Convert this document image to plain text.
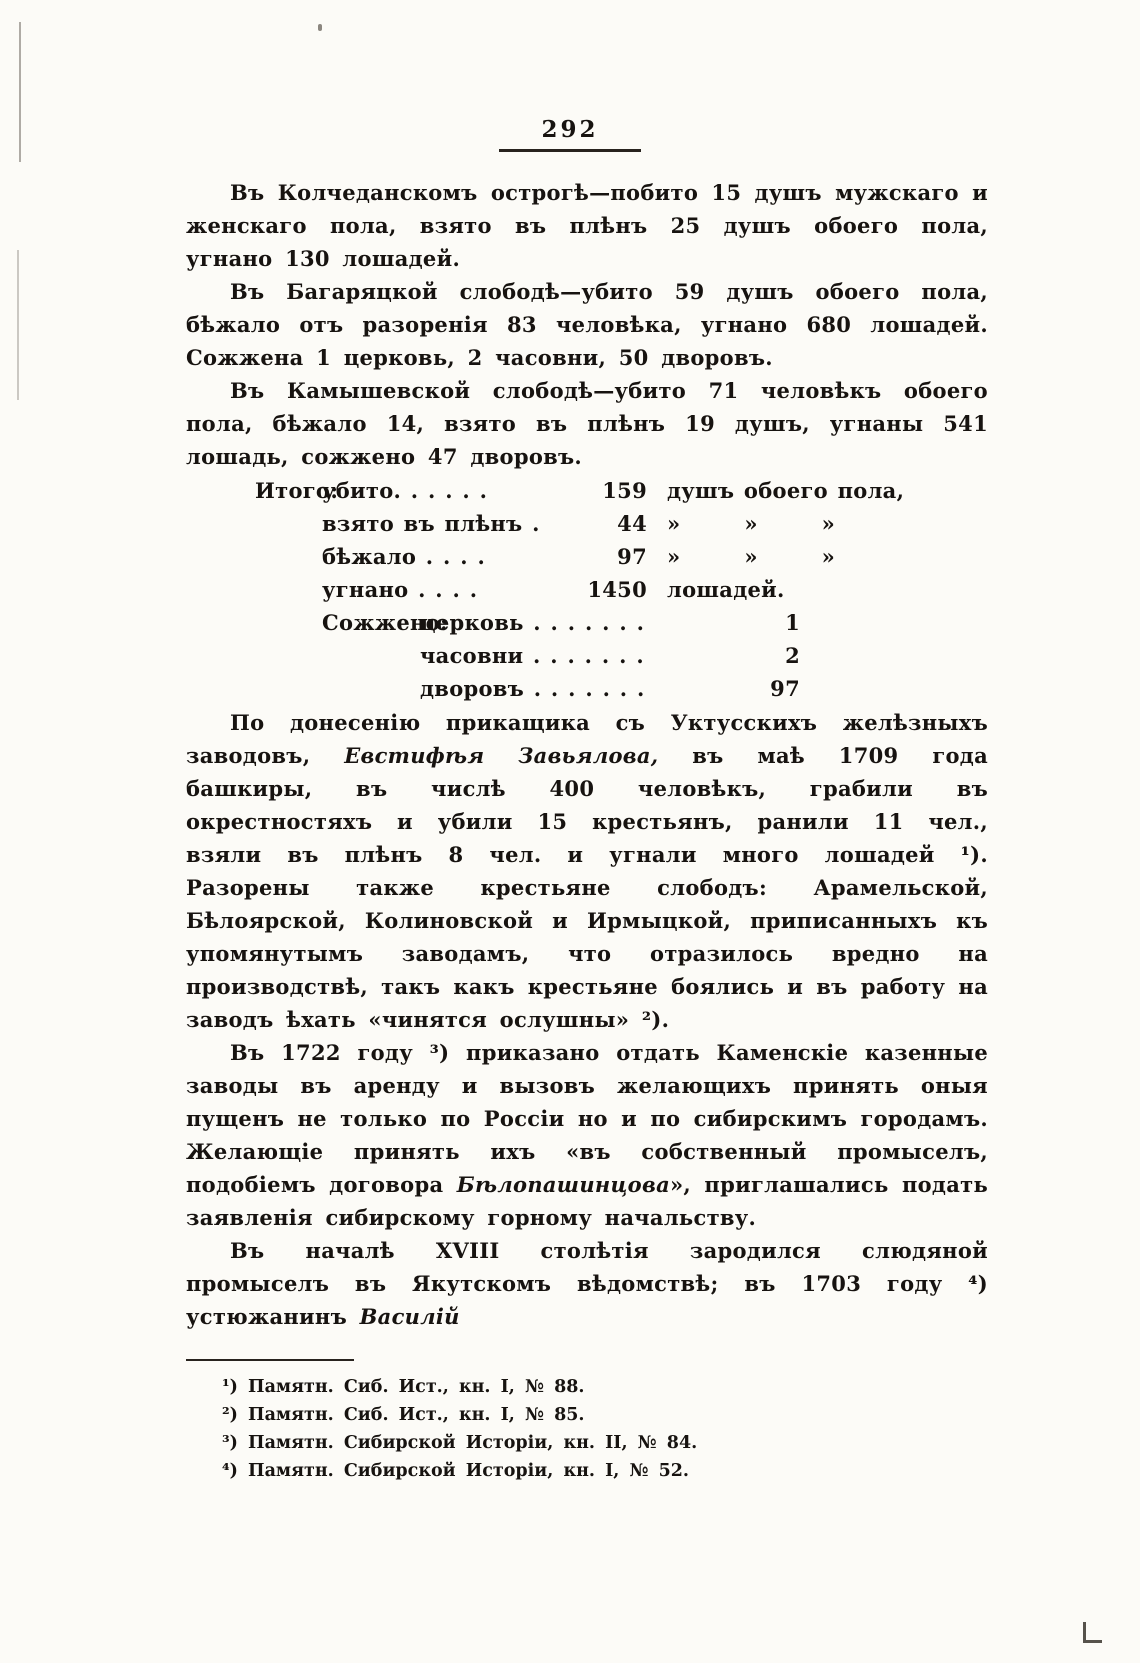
292

Въ Колчеданскомъ острогѣ—побито 15 душъ мужскаго и женскаго пола, взято въ плѣнъ 25 душъ обоего пола, угнано 130 лошадей.

Въ Багаряцкой слободѣ—убито 59 душъ обоего пола, бѣжало отъ разоренія 83 человѣка, угнано 680 лошадей. Сожжена 1 церковь, 2 часовни, 50 дворовъ.

Въ Камышевской слободѣ—убито 71 человѣкъ обоего пола, бѣжало 14, взято въ плѣнъ 19 душъ, угнаны 541 лошадь, сожжено 47 дворовъ.

Итого:
убито. . . . . .	159 душъ обоего пола,
взято въ плѣнъ .	44 »   »   »
бѣжало . . . .	97 »   »   »
угнано . . . .	1450 лошадей.
Сожжено:
церковь . . . . . . .	1
часовни . . . . . . .	2
дворовъ . . . . . . .	97

По донесенію прикащика съ Уктусскихъ желѣзныхъ заводовъ, Евстифѣя Завьялова, въ маѣ 1709 года башкиры, въ числѣ 400 человѣкъ, грабили въ окрестностяхъ и убили 15 крестьянъ, ранили 11 чел., взяли въ плѣнъ 8 чел. и угнали много лошадей ¹). Разорены также крестьяне слободъ: Арамельской, Бѣлоярской, Колиновской и Ирмыцкой, приписанныхъ къ упомянутымъ заводамъ, что отразилось вредно на производствѣ, такъ какъ крестьяне боялись и въ работу на заводъ ѣхать «чинятся ослушны» ²).

Въ 1722 году ³) приказано отдать Каменскіе казенные заводы въ аренду и вызовъ желающихъ принять оныя пущенъ не только по Россіи но и по сибирскимъ городамъ. Желающіе принять ихъ «въ собственный промыселъ, подобіемъ договора Бѣлопашинцова», приглашались подать заявленія сибирскому горному начальству.

Въ началѣ XVIII столѣтія зародился слюдяной промыселъ въ Якутскомъ вѣдомствѣ; въ 1703 году ⁴) устюжанинъ Василій

¹) Памятн. Сиб. Ист., кн. I, № 88.
²) Памятн. Сиб. Ист., кн. I, № 85.
³) Памятн. Сибирской Исторіи, кн. II, № 84.
⁴) Памятн. Сибирской Исторіи, кн. I, № 52.
